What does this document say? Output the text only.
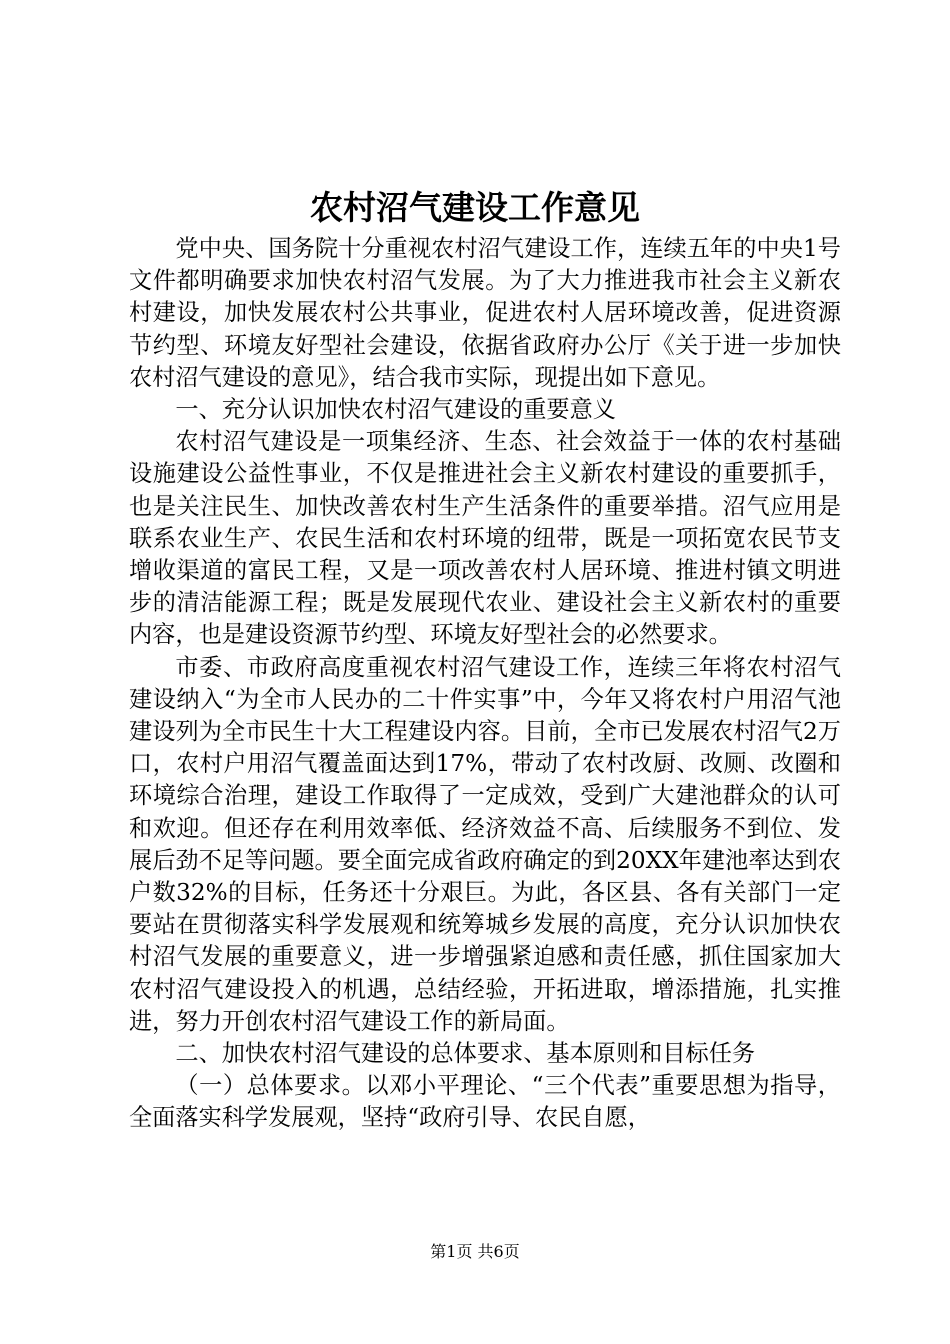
农村沼气建设工作意见

党中央、国务院十分重视农村沼气建设工作，连续五年的中央1号文件都明确要求加快农村沼气发展。为了大力推进我市社会主义新农村建设，加快发展农村公共事业，促进农村人居环境改善，促进资源节约型、环境友好型社会建设，依据省政府办公厅《关于进一步加快农村沼气建设的意见》，结合我市实际，现提出如下意见。

一、充分认识加快农村沼气建设的重要意义

农村沼气建设是一项集经济、生态、社会效益于一体的农村基础设施建设公益性事业，不仅是推进社会主义新农村建设的重要抓手，也是关注民生、加快改善农村生产生活条件的重要举措。沼气应用是联系农业生产、农民生活和农村环境的纽带，既是一项拓宽农民节支增收渠道的富民工程，又是一项改善农村人居环境、推进村镇文明进步的清洁能源工程；既是发展现代农业、建设社会主义新农村的重要内容，也是建设资源节约型、环境友好型社会的必然要求。

市委、市政府高度重视农村沼气建设工作，连续三年将农村沼气建设纳入“为全市人民办的二十件实事”中，今年又将农村户用沼气池建设列为全市民生十大工程建设内容。目前，全市已发展农村沼气2万口，农村户用沼气覆盖面达到17%，带动了农村改厨、改厕、改圈和环境综合治理，建设工作取得了一定成效，受到广大建池群众的认可和欢迎。但还存在利用效率低、经济效益不高、后续服务不到位、发展后劲不足等问题。要全面完成省政府确定的到20XX年建池率达到农户数32%的目标，任务还十分艰巨。为此，各区县、各有关部门一定要站在贯彻落实科学发展观和统筹城乡发展的高度，充分认识加快农村沼气发展的重要意义，进一步增强紧迫感和责任感，抓住国家加大农村沼气建设投入的机遇，总结经验，开拓进取，增添措施，扎实推进，努力开创农村沼气建设工作的新局面。

二、加快农村沼气建设的总体要求、基本原则和目标任务

（一）总体要求。以邓小平理论、“三个代表”重要思想为指导，全面落实科学发展观，坚持“政府引导、农民自愿，

第1页 共6页
